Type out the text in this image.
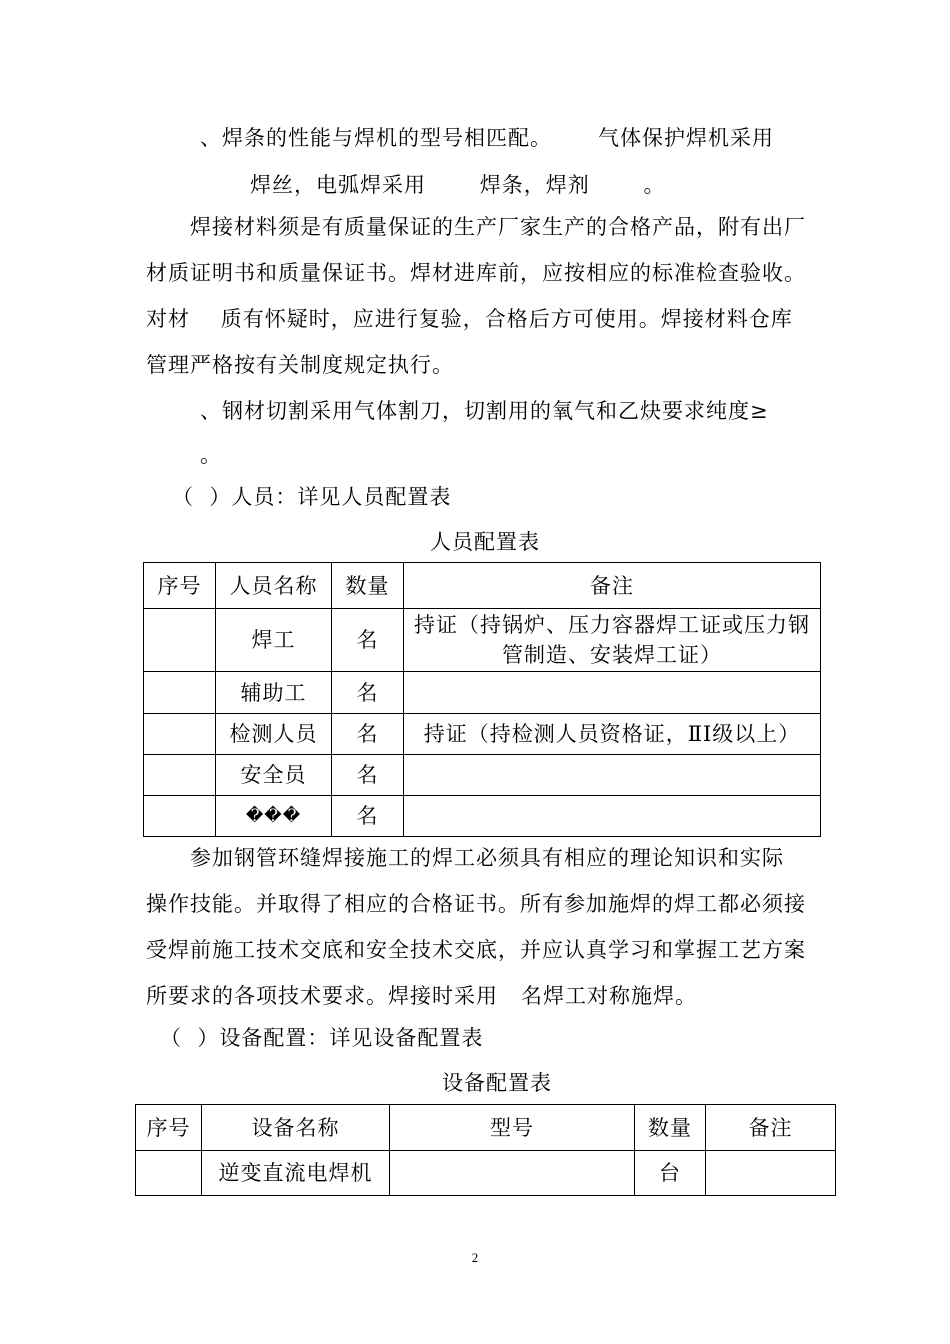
、焊条的性能与焊机的型号相匹配。      气体保护焊机采用
焊丝，电弧焊采用       焊条，焊剂       。
焊接材料须是有质量保证的生产厂家生产的合格产品，附有出厂
材质证明书和质量保证书。焊材进库前，应按相应的标准检查验收。
对材    质有怀疑时，应进行复验，合格后方可使用。焊接材料仓库
管理严格按有关制度规定执行。
、钢材切割采用气体割刀，切割用的氧气和乙炔要求纯度≥
。
（  ）人员：详见人员配置表
人员配置表
序号	人员名称	数量	备注
	焊工	名	持证（持锅炉、压力容器焊工证或压力钢
管制造、安装焊工证）
	辅助工	名	
	检测人员	名	持证（持检测人员资格证，ⅡⅠ级以上）
	安全员	名	
	���	名	
参加钢管环缝焊接施工的焊工必须具有相应的理论知识和实际
操作技能。并取得了相应的合格证书。所有参加施焊的焊工都必须接
受焊前施工技术交底和安全技术交底，并应认真学习和掌握工艺方案
所要求的各项技术要求。焊接时采用   名焊工对称施焊。
（  ）设备配置：详见设备配置表
设备配置表
序号	设备名称	型号	数量	备注
	逆变直流电焊机		台	
2
